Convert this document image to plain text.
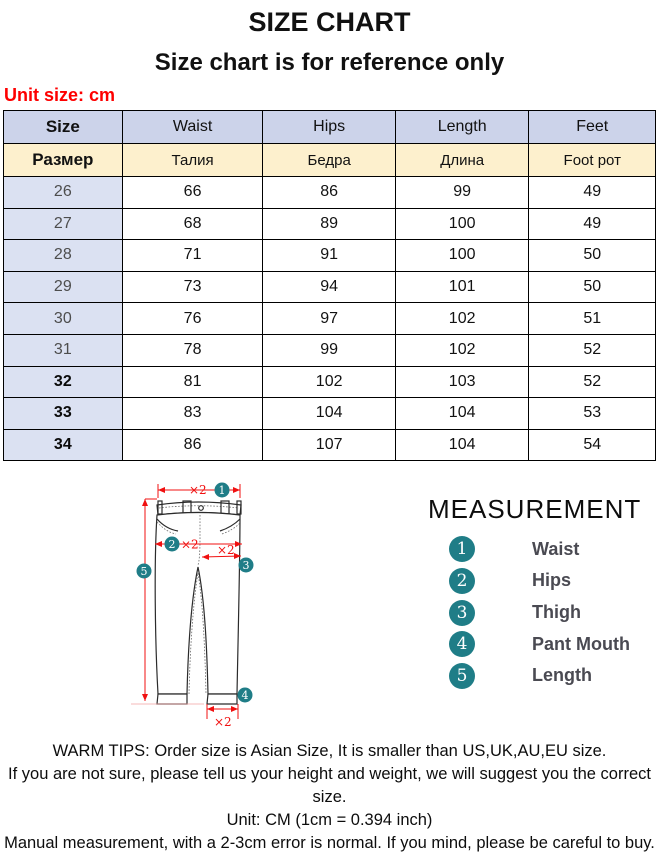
SIZE CHART
Size chart is for reference only
Unit size: cm
Size	Waist	Hips	Length	Feet
Размер	Талия	Бедра	Длина	Foot рот
26	66	86	99	49
27	68	89	100	49
28	71	91	100	50
29	73	94	101	50
30	76	97	102	51
31	78	99	102	52
32	81	102	103	52
33	83	104	104	53
34	86	107	104	54
×2
×2 ×2
×2
1
2
3
4
5
MEASUREMENT
1	Waist
2	Hips
3	Thigh
4	Pant Mouth
5	Length
WARM TIPS: Order size is Asian Size, It is smaller than US,UK,AU,EU size.
If you are not sure, please tell us your height and weight, we will suggest you the correct
size.
Unit: CM (1cm = 0.394 inch)
Manual measurement, with a 2-3cm error is normal. If you mind, please be careful to buy.
